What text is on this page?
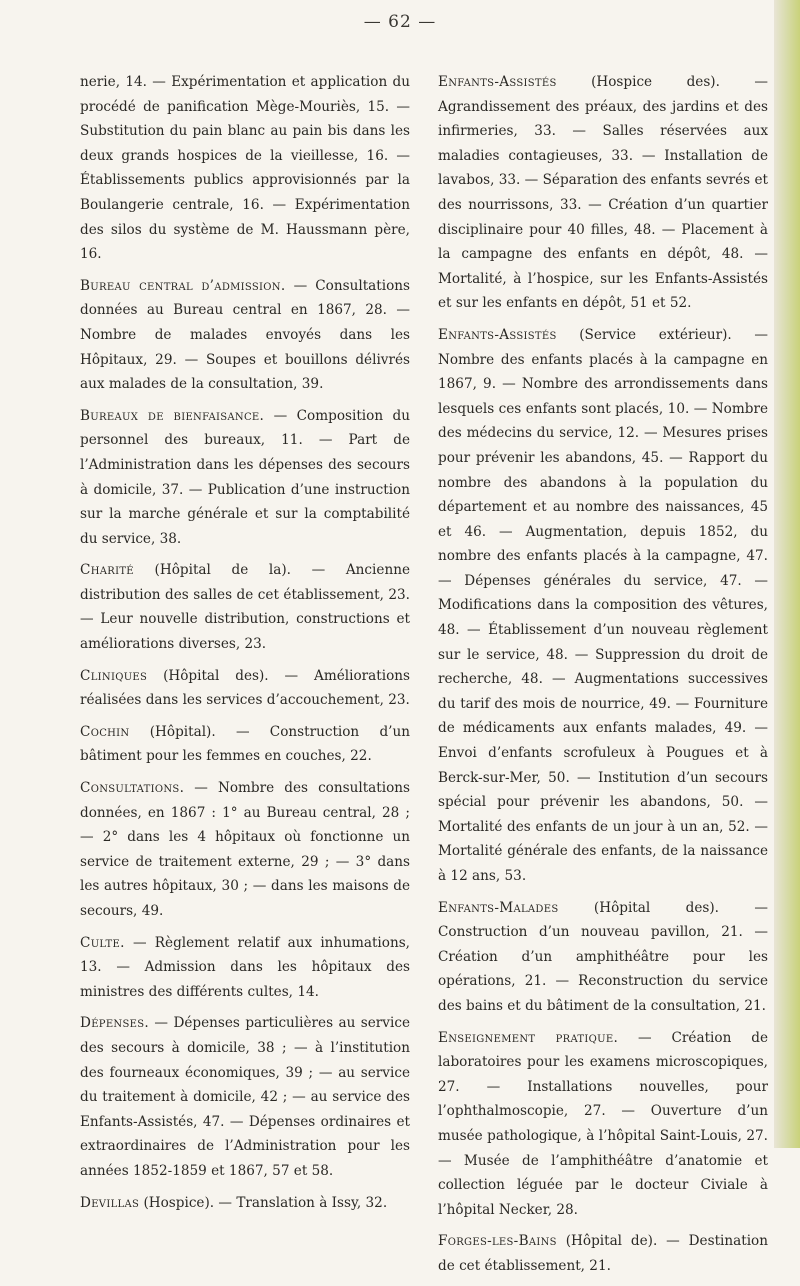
— 62 —

nerie, 14. — Expérimentation et application du procédé de panification Mège-Mouriès, 15. — Substitution du pain blanc au pain bis dans les deux grands hospices de la vieillesse, 16. — Établissements publics approvisionnés par la Boulangerie centrale, 16. — Expérimentation des silos du système de M. Haussmann père, 16.

Bureau central d’admission. — Consultations données au Bureau central en 1867, 28. — Nombre de malades envoyés dans les Hôpitaux, 29. — Soupes et bouillons délivrés aux malades de la consultation, 39.

Bureaux de bienfaisance. — Composition du personnel des bureaux, 11. — Part de l’Administration dans les dépenses des secours à domicile, 37. — Publication d’une instruction sur la marche générale et sur la comptabilité du service, 38.

Charité (Hôpital de la). — Ancienne distribution des salles de cet établissement, 23. — Leur nouvelle distribution, constructions et améliorations diverses, 23.

Cliniques (Hôpital des). — Améliorations réalisées dans les services d’accouchement, 23.

Cochin (Hôpital). — Construction d’un bâtiment pour les femmes en couches, 22.

Consultations. — Nombre des consultations données, en 1867 : 1° au Bureau central, 28 ; — 2° dans les 4 hôpitaux où fonctionne un service de traitement externe, 29 ; — 3° dans les autres hôpitaux, 30 ; — dans les maisons de secours, 49.

Culte. — Règlement relatif aux inhumations, 13. — Admission dans les hôpitaux des ministres des différents cultes, 14.

Dépenses. — Dépenses particulières au service des secours à domicile, 38 ; — à l’institution des fourneaux économiques, 39 ; — au service du traitement à domicile, 42 ; — au service des Enfants-Assistés, 47. — Dépenses ordinaires et extraordinaires de l’Administration pour les années 1852-1859 et 1867, 57 et 58.

Devillas (Hospice). — Translation à Issy, 32.

Enfants-Assistés (Hospice des). — Agrandissement des préaux, des jardins et des infirmeries, 33. — Salles réservées aux maladies contagieuses, 33. — Installation de lavabos, 33. — Séparation des enfants sevrés et des nourrissons, 33. — Création d’un quartier disciplinaire pour 40 filles, 48. — Placement à la campagne des enfants en dépôt, 48. — Mortalité, à l’hospice, sur les Enfants-Assistés et sur les enfants en dépôt, 51 et 52.

Enfants-Assistés (Service extérieur). — Nombre des enfants placés à la campagne en 1867, 9. — Nombre des arrondissements dans lesquels ces enfants sont placés, 10. — Nombre des médecins du service, 12. — Mesures prises pour prévenir les abandons, 45. — Rapport du nombre des abandons à la population du département et au nombre des naissances, 45 et 46. — Augmentation, depuis 1852, du nombre des enfants placés à la campagne, 47. — Dépenses générales du service, 47. — Modifications dans la composition des vêtures, 48. — Établissement d’un nouveau règlement sur le service, 48. — Suppression du droit de recherche, 48. — Augmentations successives du tarif des mois de nourrice, 49. — Fourniture de médicaments aux enfants malades, 49. — Envoi d’enfants scrofuleux à Pougues et à Berck-sur-Mer, 50. — Institution d’un secours spécial pour prévenir les abandons, 50. — Mortalité des enfants de un jour à un an, 52. — Mortalité générale des enfants, de la naissance à 12 ans, 53.

Enfants-Malades (Hôpital des). — Construction d’un nouveau pavillon, 21. — Création d’un amphithéâtre pour les opérations, 21. — Reconstruction du service des bains et du bâtiment de la consultation, 21.

Enseignement pratique. — Création de laboratoires pour les examens microscopiques, 27. — Installations nouvelles, pour l’ophthalmoscopie, 27. — Ouverture d’un musée pathologique, à l’hôpital Saint-Louis, 27. — Musée de l’amphithéâtre d’anatomie et collection léguée par le docteur Civiale à l’hôpital Necker, 28.

Forges-les-Bains (Hôpital de). — Destination de cet établissement, 21.
